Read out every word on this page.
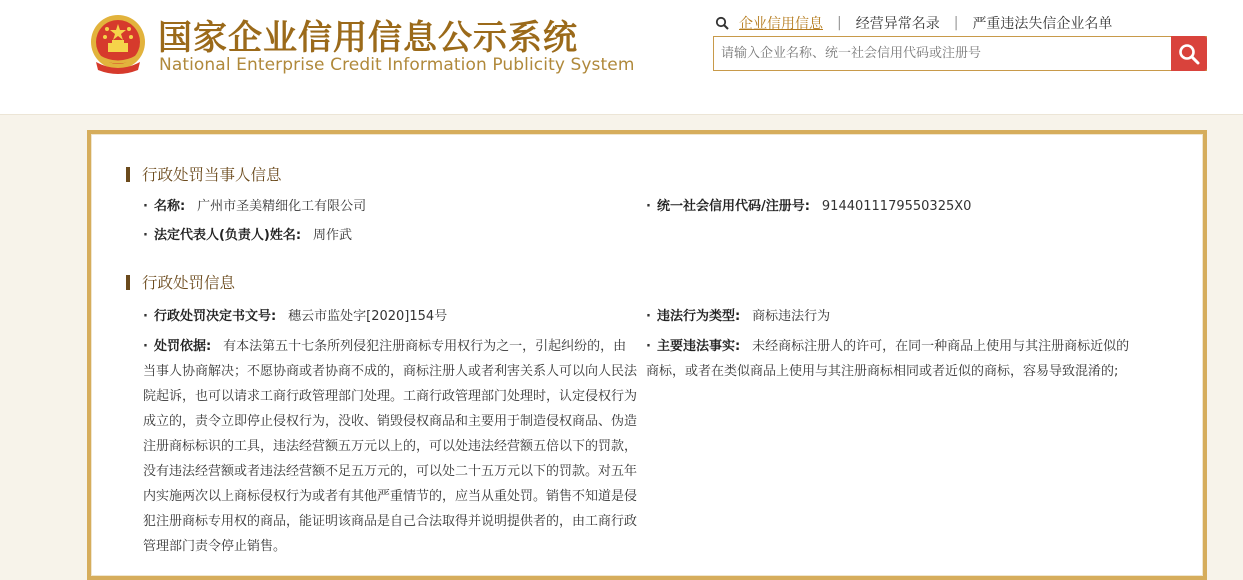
国家企业信用信息公示系统
National Enterprise Credit Information Publicity System
企业信用信息 | 经营异常名录 | 严重违法失信企业名单
请输入企业名称、统一社会信用代码或注册号
行政处罚当事人信息
· 名称: 广州市圣美精细化工有限公司	· 统一社会信用代码/注册号: 9144011179550325X0
· 法定代表人(负责人)姓名: 周作武
行政处罚信息
· 行政处罚决定书文号: 穗云市监处字[2020]154号	· 违法行为类型: 商标违法行为
· 处罚依据: 有本法第五十七条所列侵犯注册商标专用权行为之一，引起纠纷的，由当事人协商解决；不愿协商或者协商不成的，商标注册人或者利害关系人可以向人民法院起诉，也可以请求工商行政管理部门处理。工商行政管理部门处理时，认定侵权行为成立的，责令立即停止侵权行为，没收、销毁侵权商品和主要用于制造侵权商品、伪造注册商标标识的工具，违法经营额五万元以上的，可以处违法经营额五倍以下的罚款，没有违法经营额或者违法经营额不足五万元的，可以处二十五万元以下的罚款。对五年内实施两次以上商标侵权行为或者有其他严重情节的，应当从重处罚。销售不知道是侵犯注册商标专用权的商品，能证明该商品是自己合法取得并说明提供者的，由工商行政管理部门责令停止销售。
· 主要违法事实: 未经商标注册人的许可，在同一种商品上使用与其注册商标近似的商标，或者在类似商品上使用与其注册商标相同或者近似的商标，容易导致混淆的;
